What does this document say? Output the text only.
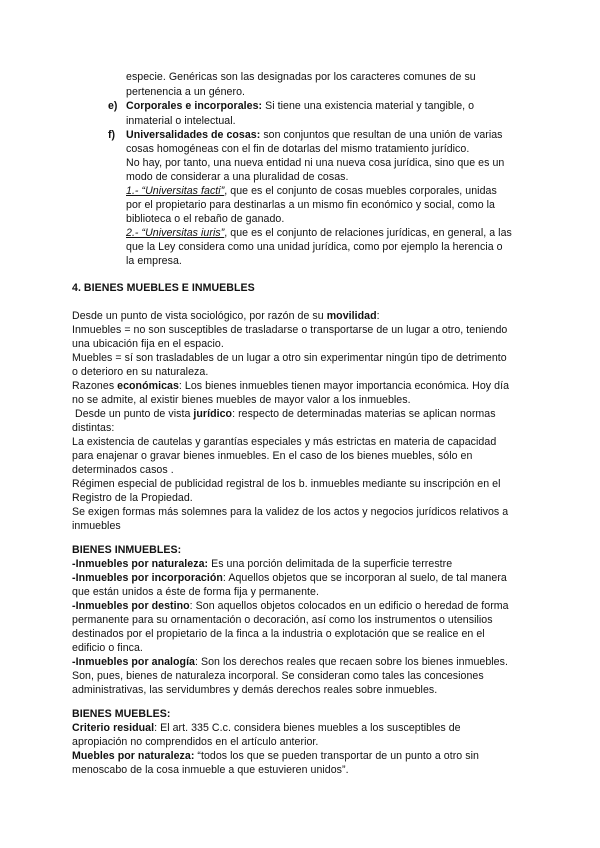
especie. Genéricas son las designadas por los caracteres comunes de su
pertenencia a un género.
e) Corporales e incorporales: Si tiene una existencia material y tangible, o
inmaterial o intelectual.
f) Universalidades de cosas: son conjuntos que resultan de una unión de varias
cosas homogéneas con el fin de dotarlas del mismo tratamiento jurídico.
No hay, por tanto, una nueva entidad ni una nueva cosa jurídica, sino que es un
modo de considerar a una pluralidad de cosas.
1.- “Universitas facti”, que es el conjunto de cosas muebles corporales, unidas
por el propietario para destinarlas a un mismo fin económico y social, como la
biblioteca o el rebaño de ganado.
2.- “Universitas iuris”, que es el conjunto de relaciones jurídicas, en general, a las
que la Ley considera como una unidad jurídica, como por ejemplo la herencia o
la empresa.
4. BIENES MUEBLES E INMUEBLES
Desde un punto de vista sociológico, por razón de su movilidad:
Inmuebles = no son susceptibles de trasladarse o transportarse de un lugar a otro, teniendo
una ubicación fija en el espacio.
Muebles = sí son trasladables de un lugar a otro sin experimentar ningún tipo de detrimento
o deterioro en su naturaleza.
Razones económicas: Los bienes inmuebles tienen mayor importancia económica. Hoy día
no se admite, al existir bienes muebles de mayor valor a los inmuebles.
Desde un punto de vista jurídico: respecto de determinadas materias se aplican normas
distintas:
La existencia de cautelas y garantías especiales y más estrictas en materia de capacidad
para enajenar o gravar bienes inmuebles. En el caso de los bienes muebles, sólo en
determinados casos .
Régimen especial de publicidad registral de los b. inmuebles mediante su inscripción en el
Registro de la Propiedad.
Se exigen formas más solemnes para la validez de los actos y negocios jurídicos relativos a
inmuebles
BIENES INMUEBLES:
-Inmuebles por naturaleza: Es una porción delimitada de la superficie terrestre
-Inmuebles por incorporación: Aquellos objetos que se incorporan al suelo, de tal manera
que están unidos a éste de forma fija y permanente.
-Inmuebles por destino: Son aquellos objetos colocados en un edificio o heredad de forma
permanente para su ornamentación o decoración, así como los instrumentos o utensilios
destinados por el propietario de la finca a la industria o explotación que se realice en el
edificio o finca.
-Inmuebles por analogía: Son los derechos reales que recaen sobre los bienes inmuebles.
Son, pues, bienes de naturaleza incorporal. Se consideran como tales las concesiones
administrativas, las servidumbres y demás derechos reales sobre inmuebles.
BIENES MUEBLES:
Criterio residual: El art. 335 C.c. considera bienes muebles a los susceptibles de
apropiación no comprendidos en el artículo anterior.
Muebles por naturaleza: “todos los que se pueden transportar de un punto a otro sin
menoscabo de la cosa inmueble a que estuvieren unidos”.
